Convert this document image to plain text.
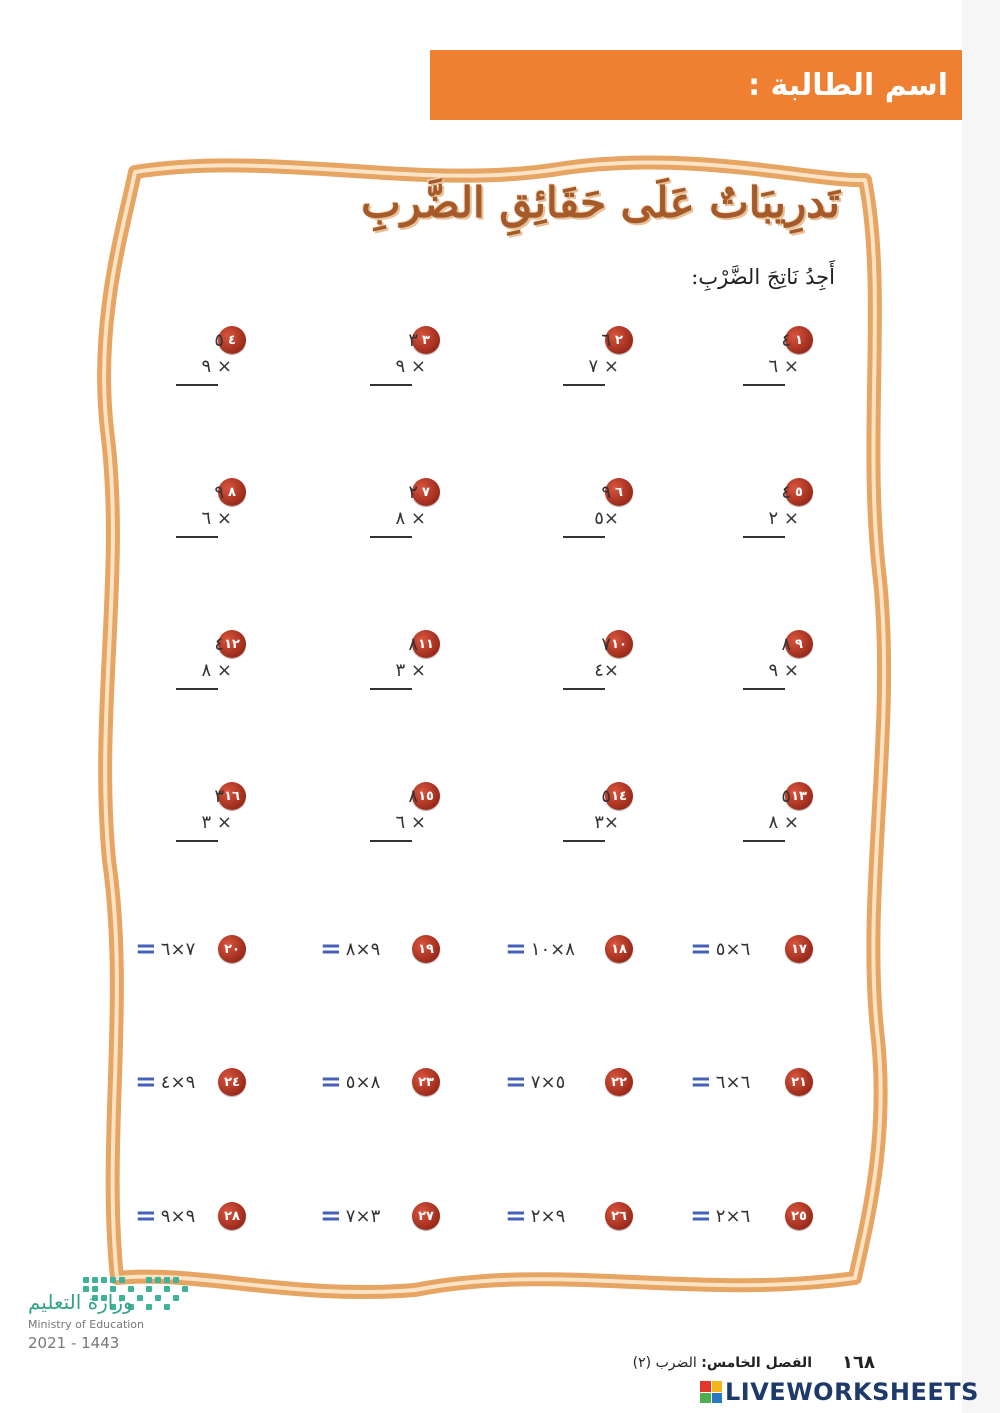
اسم الطالبة :
تَدرِيبَاتٌ عَلَى حَقَائِقِ الضَّربِ
أَجِدُ نَاتِجَ الضَّرْبِ:
١
٤
٦ ×
٢
٦
٧ ×
٣
٣
٩ ×
٤
٥
٩ ×
٥
٤
٢ ×
٦
٩
٥×
٧
٢
٨ ×
٨
٩
٦ ×
٩
٨
٩ ×
١٠
٧
٤×
١١
٨
٣ ×
١٢
٤
٨ ×
١٣
٥
٨ ×
١٤
٥
٣×
١٥
٨
٦ ×
١٦
٣
٣ ×
١٧
= ٦×٥
١٨
= ٨×١٠
١٩
= ٩×٨
٢٠
= ٧×٦
٢١
= ٦×٦
٢٢
= ٥×٧
٢٣
= ٨×٥
٢٤
= ٩×٤
٢٥
= ٦×٢
٢٦
= ٩×٢
٢٧
= ٣×٧
٢٨
= ٩×٩
وزارة التعليم
Ministry of Education
2021 - 1443
١٦٨
الفصل الخامس: الضرب (٢)
LIVEWORKSHEETS
